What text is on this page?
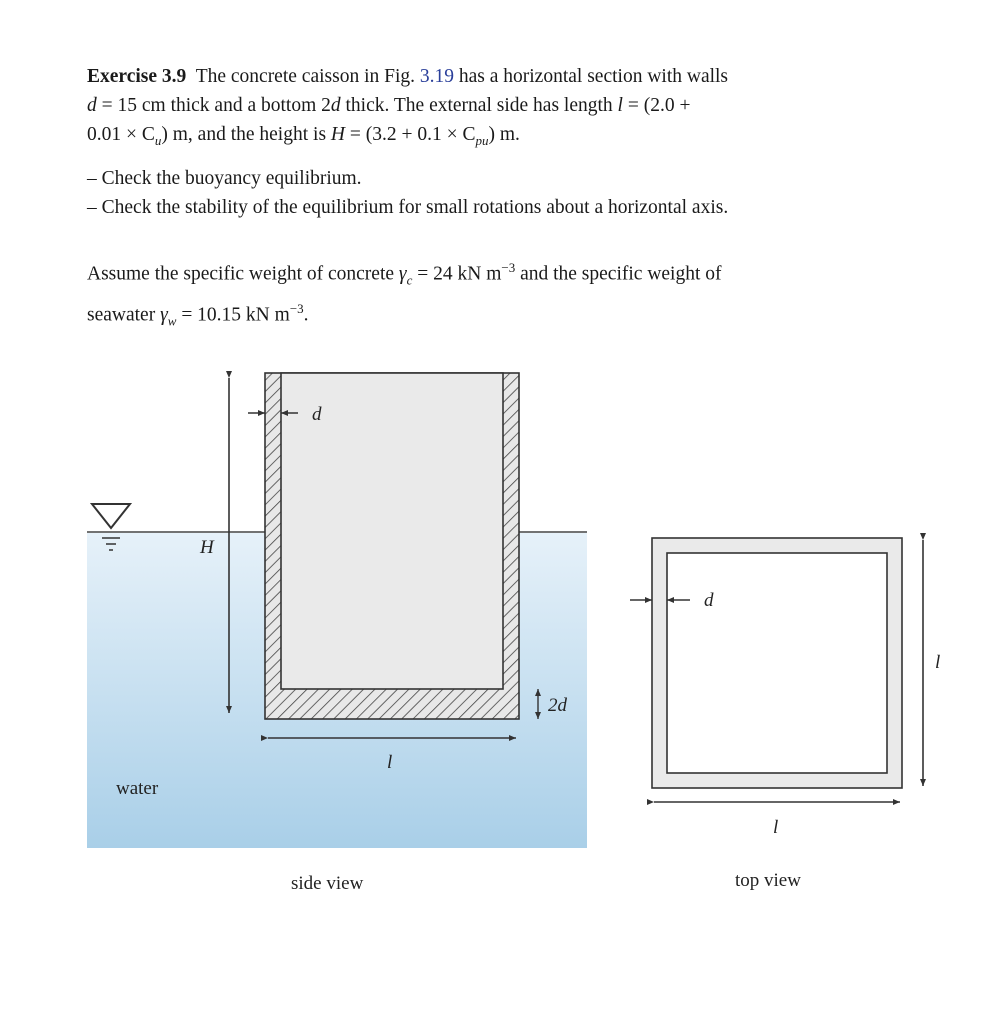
Exercise 3.9 The concrete caisson in Fig. 3.19 has a horizontal section with walls

d = 15 cm thick and a bottom 2d thick. The external side has length l = (2.0 +

$0.01 \times C_u$) m, and the height is $H = (3.2 + 0.1 \times C_{pu})$ m.

– Check the buoyancy equilibrium.
– Check the stability of the equilibrium for small rotations about a horizontal axis.

Assume the specific weight of concrete $\gamma_c = 24$ kN $m^{-3}$ and the specific weight of

seawater $\gamma_w = 10.15$ kN $m^{-3}$.

d
H
2d
l
water
side view
d
l
l
top view
